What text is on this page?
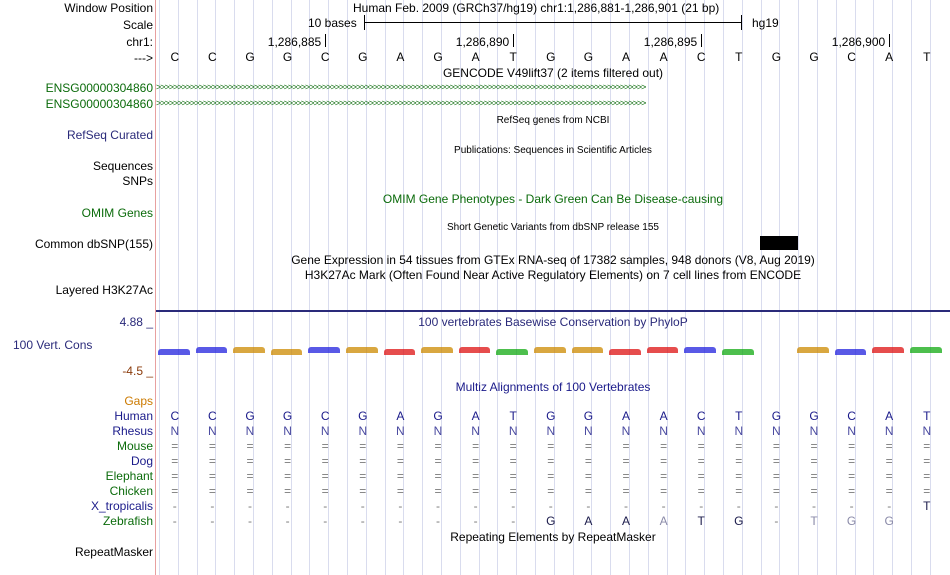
Window Position	Human Feb. 2009 (GRCh37/hg19) chr1:1,286,881-1,286,901 (21 bp)
Scale	10 bases	hg19
chr1:	1,286,885	1,286,890	1,286,895	1,286,900
--->	C	C	G	G	C	G	A	G	A	T	G	G	A	A	C	T	G	G	C	A	T
GENCODE V49lift37 (2 items filtered out)
ENSG00000304860 >>>>>>>>>>>>>>>>>>>>>>>>>>>>>>>>>>>>>>>>>>>>>>>>>>>>>>>>>>>>>>>>>>>>>>>>>>>>>>>>>>>>>>>>>>>>>>>>>>>>>>>>>>>>>>>>>>>
ENSG00000304860 >>>>>>>>>>>>>>>>>>>>>>>>>>>>>>>>>>>>>>>>>>>>>>>>>>>>>>>>>>>>>>>>>>>>>>>>>>>>>>>>>>>>>>>>>>>>>>>>>>>>>>>>>>>>>>>>>>>
RefSeq genes from NCBI
RefSeq Curated
Publications: Sequences in Scientific Articles
Sequences
SNPs
OMIM Gene Phenotypes - Dark Green Can Be Disease-causing
OMIM Genes
Short Genetic Variants from dbSNP release 155
Common dbSNP(155)
Gene Expression in 54 tissues from GTEx RNA-seq of 17382 samples, 948 donors (V8, Aug 2019)
H3K27Ac Mark (Often Found Near Active Regulatory Elements) on 7 cell lines from ENCODE
Layered H3K27Ac
100 vertebrates Basewise Conservation by PhyloP
4.88 _
100 Vert. Cons
-4.5 _
Multiz Alignments of 100 Vertebrates
Gaps
Human	C	C	G	G	C	G	A	G	A	T	G	G	A	A	C	T	G	G	C	A	T
Rhesus	N	N	N	N	N	N	N	N	N	N	N	N	N	N	N	N	N	N	N	N	N
Mouse	=	=	=	=	=	=	=	=	=	=	=	=	=	=	=	=	=	=	=	=	=
Dog	=	=	=	=	=	=	=	=	=	=	=	=	=	=	=	=	=	=	=	=	=
Elephant	=	=	=	=	=	=	=	=	=	=	=	=	=	=	=	=	=	=	=	=	=
Chicken	=	=	=	=	=	=	=	=	=	=	=	=	=	=	=	=	=	=	=	=	=
X_tropicalis	-	-	-	-	-	-	-	-	-	-	-	-	-	-	-	-	-	-	-	-	T
Zebrafish	-	-	-	-	-	-	-	-	-	-	G	A	A	A	T	G	-	T	G	G
Repeating Elements by RepeatMasker
RepeatMasker
